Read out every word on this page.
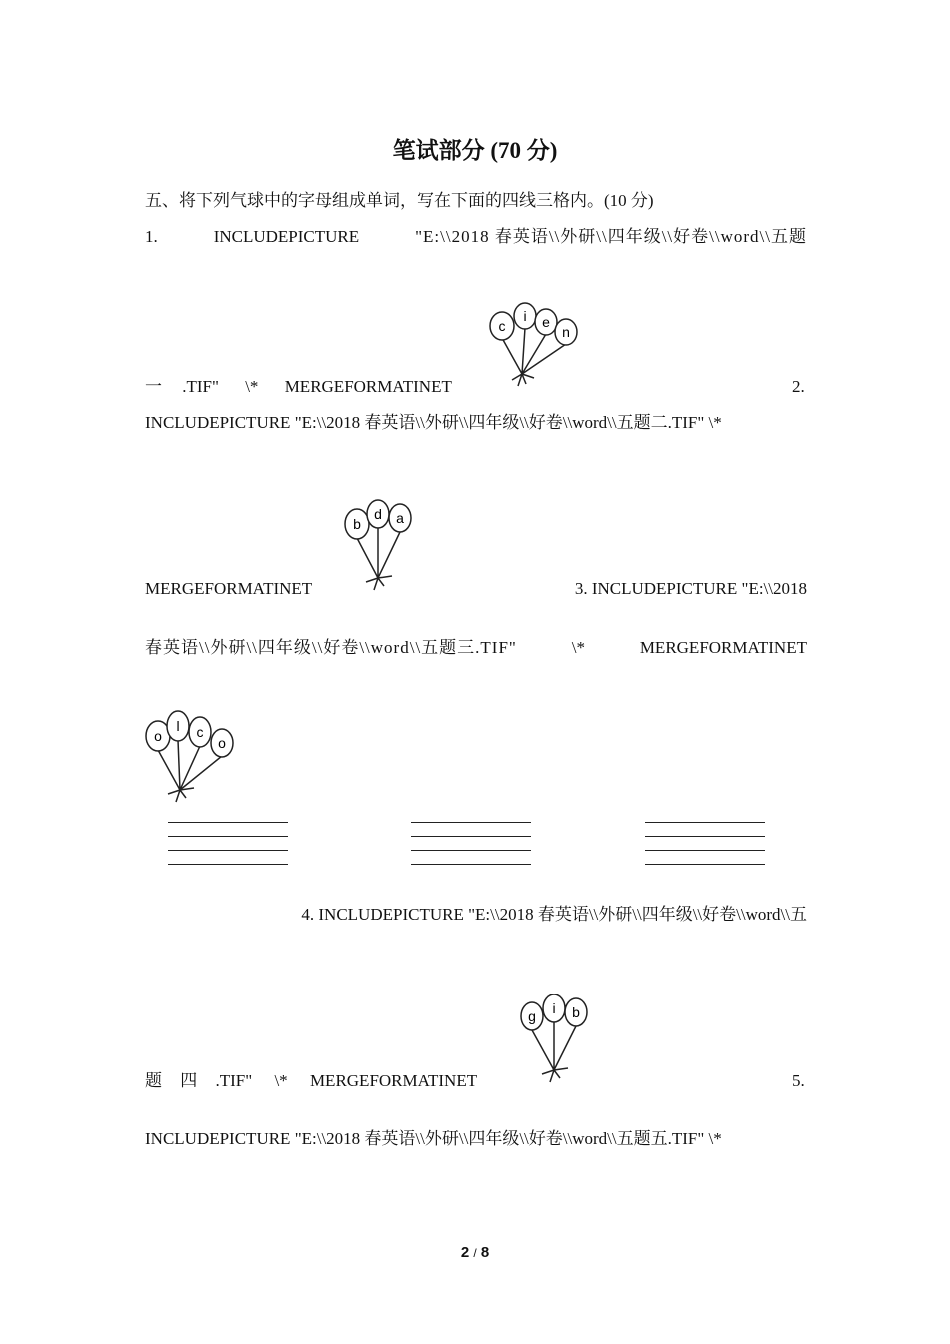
笔试部分 (70 分)
五、将下列气球中的字母组成单词，写在下面的四线三格内。(10 分)
1.	INCLUDEPICTURE	"E:\\2018 春英语\\外研\\四年级\\好卷\\word\\五题
c
i e
n
一 .TIF" \* MERGEFORMATINET	2.
INCLUDEPICTURE "E:\\2018 春英语\\外研\\四年级\\好卷\\word\\五题二.TIF" \*
b
d a
MERGEFORMATINET	3. INCLUDEPICTURE "E:\\2018
春英语\\外研\\四年级\\好卷\\word\\五题三.TIF"	\*	MERGEFORMATINET
o
l c
o
4. INCLUDEPICTURE "E:\\2018 春英语\\外研\\四年级\\好卷\\word\\五
g i b
题 四 .TIF" \* MERGEFORMATINET	5.
INCLUDEPICTURE "E:\\2018 春英语\\外研\\四年级\\好卷\\word\\五题五.TIF" \*
2 / 8
